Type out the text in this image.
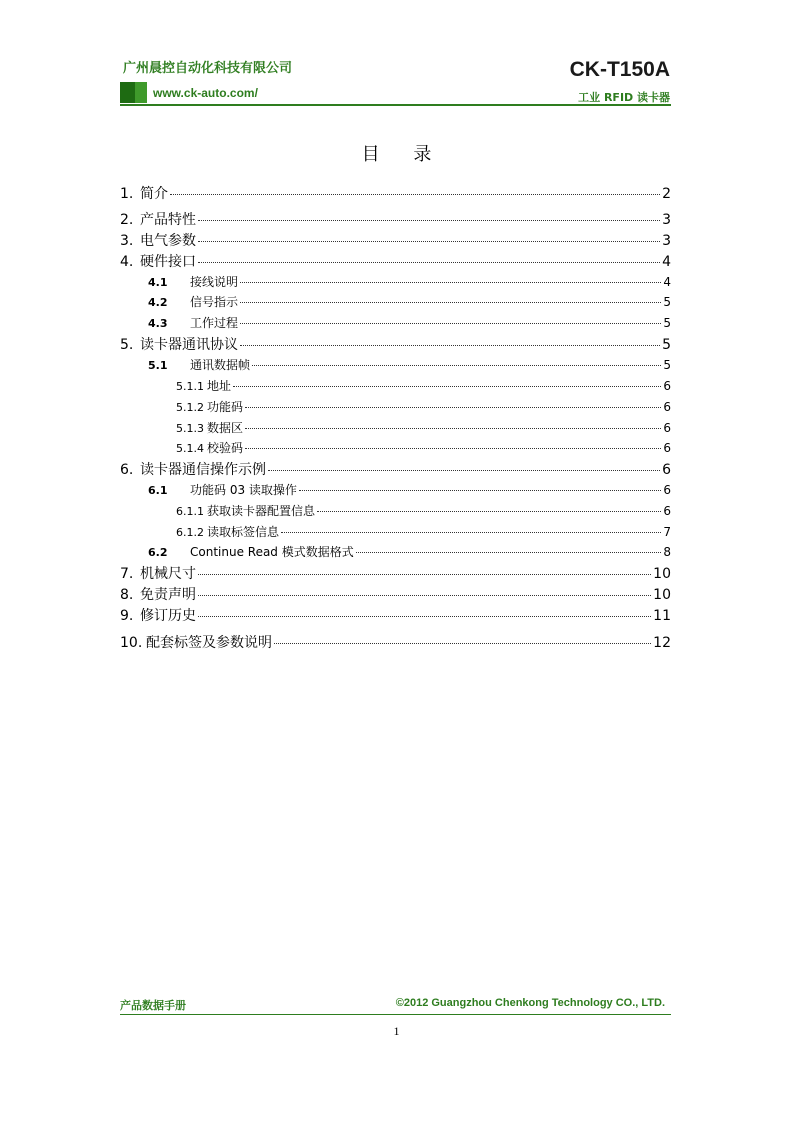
广州晨控自动化科技有限公司	CK-T150A
www.ck-auto.com/	工业 RFID 读卡器
目 录
1. 简介	2
2. 产品特性	3
3. 电气参数	3
4. 硬件接口	4
4.1	接线说明	4
4.2	信号指示	5
4.3	工作过程	5
5. 读卡器通讯协议	5
5.1	通讯数据帧	5
5.1.1 地址	6
5.1.2 功能码	6
5.1.3 数据区	6
5.1.4 校验码	6
6. 读卡器通信操作示例	6
6.1	功能码 03 读取操作	6
6.1.1 获取读卡器配置信息	6
6.1.2 读取标签信息	7
6.2	Continue Read 模式数据格式	8
7. 机械尺寸	10
8. 免责声明	10
9. 修订历史	11
10. 配套标签及参数说明	12
产品数据手册	©2012 Guangzhou Chenkong Technology CO., LTD.
1
